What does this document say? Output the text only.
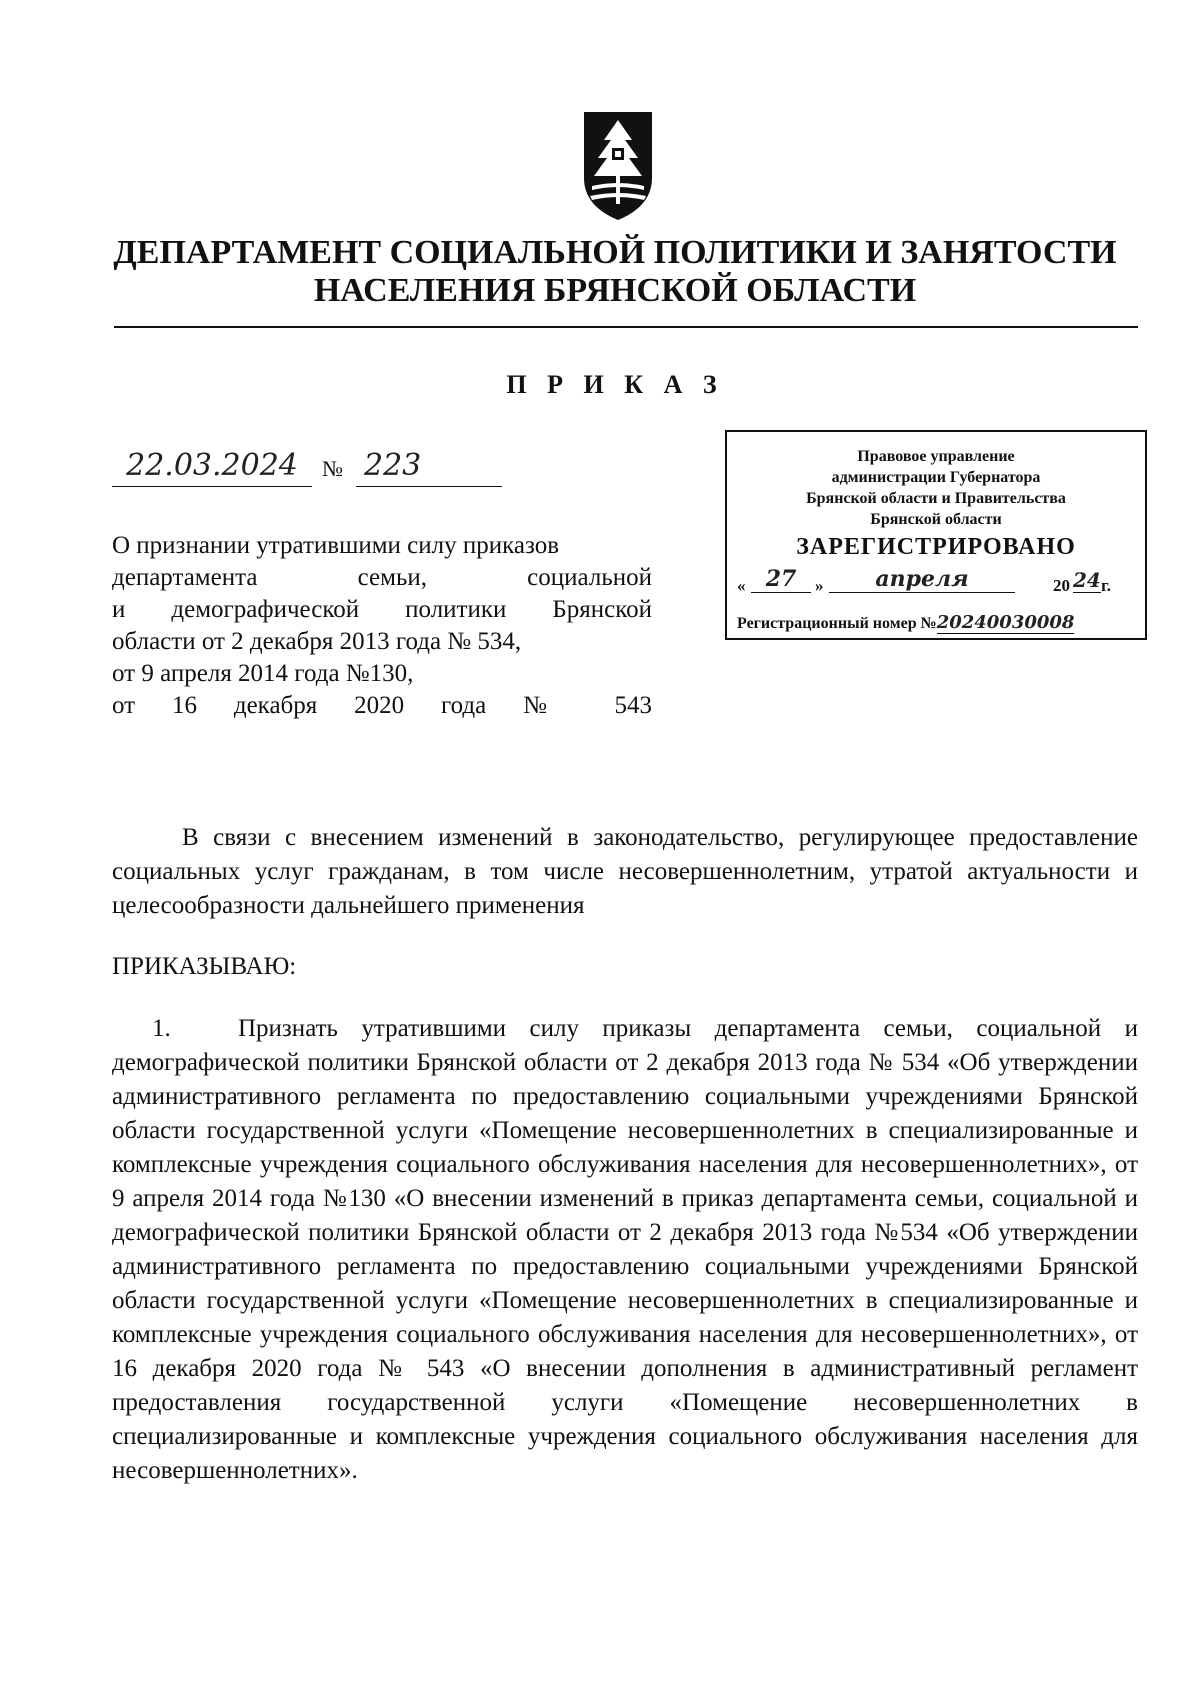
ДЕПАРТАМЕНТ СОЦИАЛЬНОЙ ПОЛИТИКИ И ЗАНЯТОСТИ
НАСЕЛЕНИЯ БРЯНСКОЙ ОБЛАСТИ
П Р И К А З
22.03.2024	№ 223
О признании утратившими силу приказов
департамента семьи, социальной
и демографической политики Брянской
области от 2 декабря 2013 года № 534,
от 9 апреля 2014 года №130,
от 16 декабря 2020 года № 543
Правовое управление
администрации Губернатора
Брянской области и Правительства
Брянской области
ЗАРЕГИСТРИРОВАНО
« 27	»	апреля	20 24 г.
Регистрационный номер №20240030008
В связи с внесением изменений в законодательство, регулирующее предоставление социальных услуг гражданам, в том числе несовершеннолетним, утратой актуальности и целесообразности дальнейшего применения
ПРИКАЗЫВАЮ:
1.	Признать утратившими силу приказы департамента семьи, социальной и демографической политики Брянской области от 2 декабря 2013 года № 534 «Об утверждении административного регламента по предоставлению социальными учреждениями Брянской области государственной услуги «Помещение несовершеннолетних в специализированные и комплексные учреждения социального обслуживания населения для несовершеннолетних», от 9 апреля 2014 года №130 «О внесении изменений в приказ департамента семьи, социальной и демографической политики Брянской области от 2 декабря 2013 года №534 «Об утверждении административного регламента по предоставлению социальными учреждениями Брянской области государственной услуги «Помещение несовершеннолетних в специализированные и комплексные учреждения социального обслуживания населения для несовершеннолетних», от 16 декабря 2020 года № 543 «О внесении дополнения в административный регламент предоставления государственной услуги «Помещение несовершеннолетних в специализированные и комплексные учреждения социального обслуживания населения для несовершеннолетних».
